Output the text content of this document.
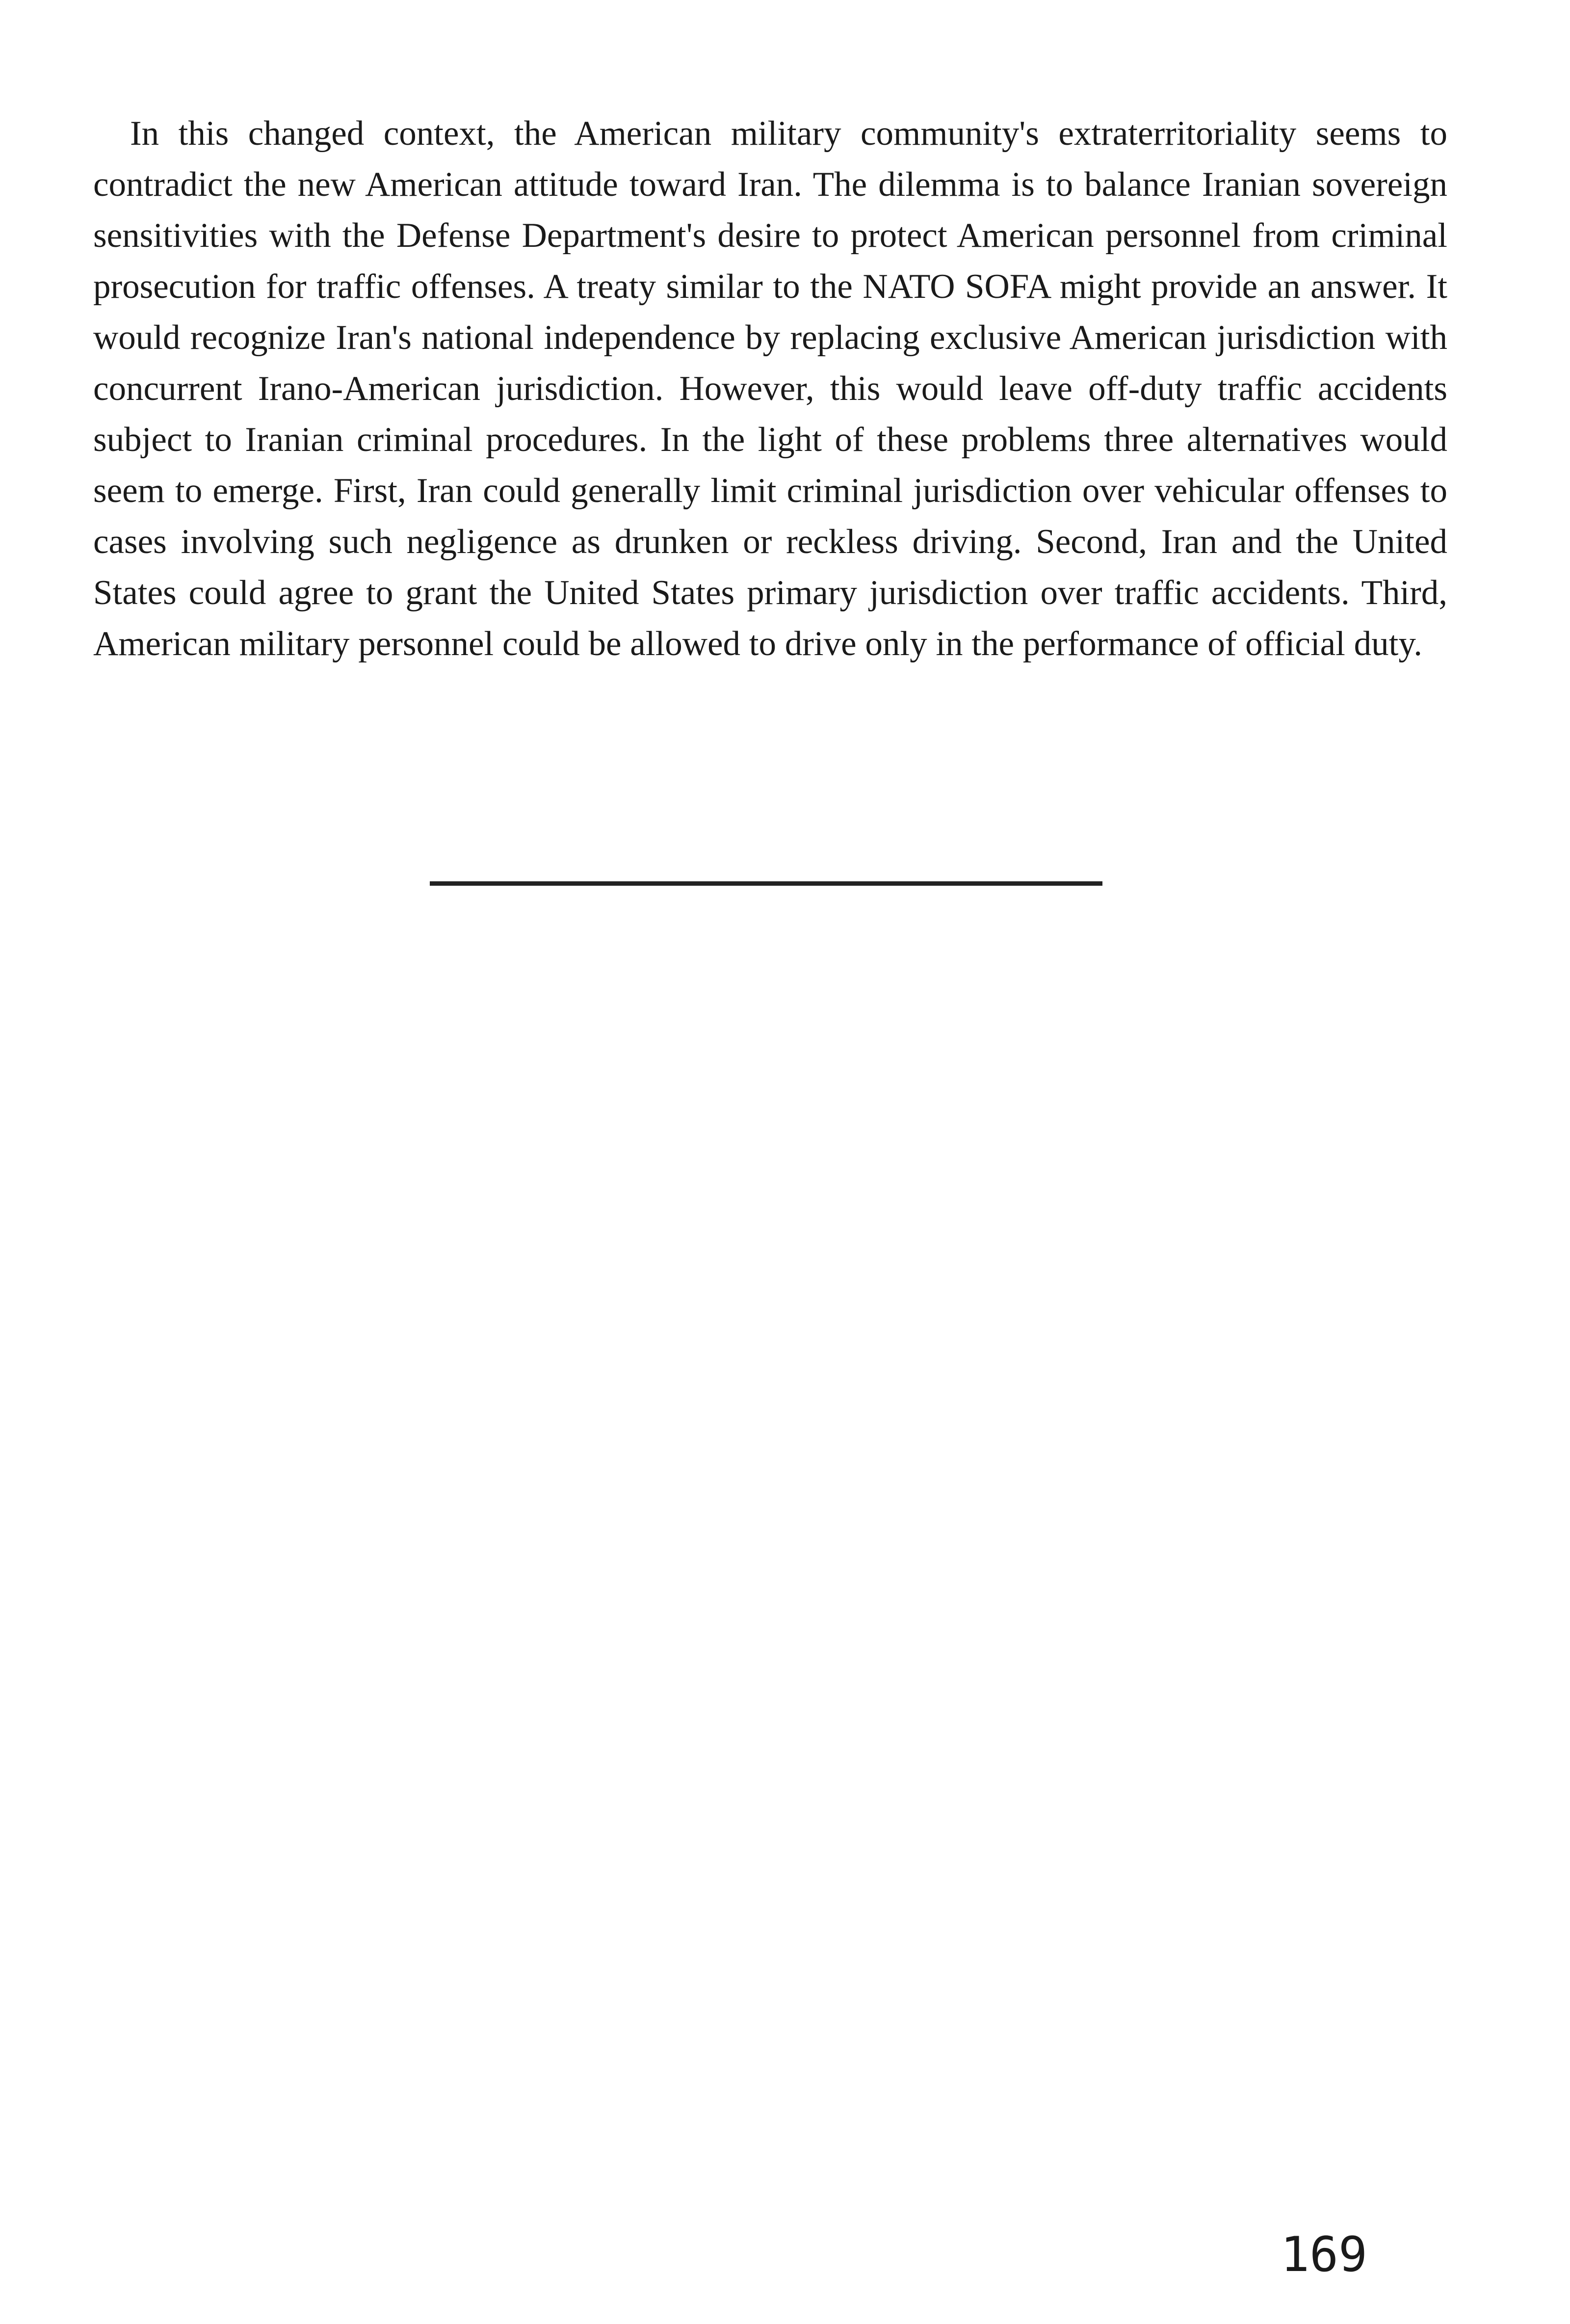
In this changed context, the American military community's extraterritoriality seems to contradict the new American attitude toward Iran. The dilemma is to balance Iranian sovereign sensitivities with the Defense Department's desire to protect American personnel from criminal prosecution for traffic offenses. A treaty similar to the NATO SOFA might provide an answer. It would recognize Iran's national independence by replacing exclusive American jurisdiction with concurrent Irano-American jurisdiction. However, this would leave off-duty traffic accidents subject to Iranian criminal procedures. In the light of these problems three alternatives would seem to emerge. First, Iran could generally limit criminal jurisdiction over vehicular offenses to cases involving such negligence as drunken or reckless driving. Second, Iran and the United States could agree to grant the United States primary jurisdiction over traffic accidents. Third, American military personnel could be allowed to drive only in the performance of official duty.

169
